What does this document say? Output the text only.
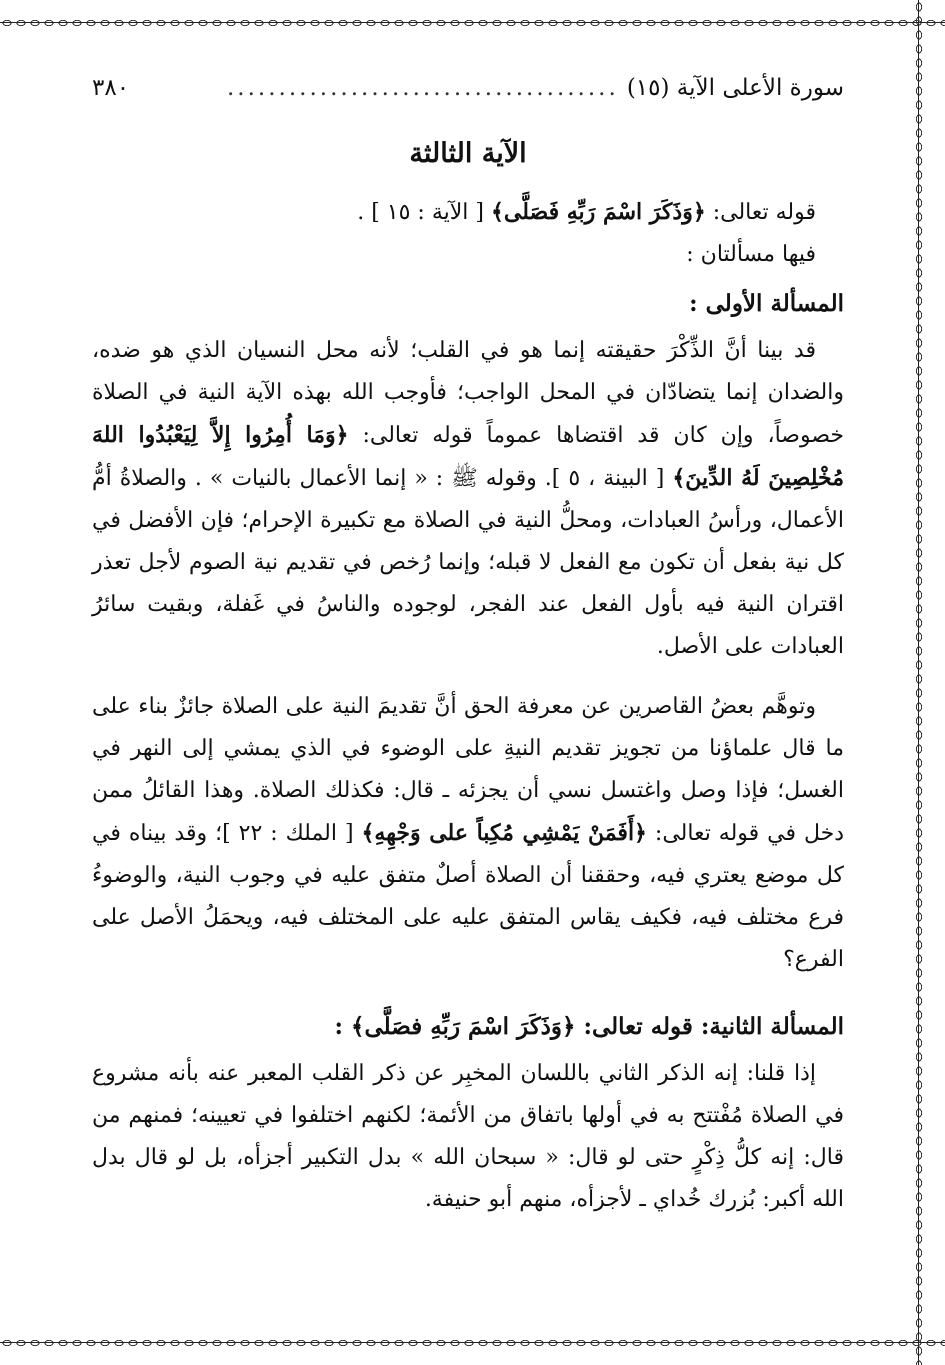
سورة الأعلى الآية (١٥)
......................................
٣٨٠
الآية الثالثة

قوله تعالى: ﴿وَذَكَرَ اسْمَ رَبِّهِ فَصَلَّى﴾ [ الآية : ١٥ ] .

فيها مسألتان :

المسألة الأولى :

قد بينا أنَّ الذِّكْرَ حقيقته إنما هو في القلب؛ لأنه محل النسيان الذي هو ضده، والضدان إنما يتضادّان في المحل الواجب؛ فأوجب الله بهذه الآية النية في الصلاة خصوصاً، وإن كان قد اقتضاها عموماً قوله تعالى: ﴿وَمَا أُمِرُوا إِلاَّ لِيَعْبُدُوا اللهَ مُخْلِصِينَ لَهُ الدِّينَ﴾ [ البينة ، ٥ ]. وقوله ﷺ : « إنما الأعمال بالنيات » . والصلاةُ أمُّ الأعمال، ورأسُ العبادات، ومحلُّ النية في الصلاة مع تكبيرة الإحرام؛ فإن الأفضل في كل نية بفعل أن تكون مع الفعل لا قبله؛ وإنما رُخص في تقديم نية الصوم لأجل تعذر اقتران النية فيه بأول الفعل عند الفجر، لوجوده والناسُ في غَفلة، وبقيت سائرُ العبادات على الأصل.

وتوهَّم بعضُ القاصرين عن معرفة الحق أنَّ تقديمَ النية على الصلاة جائزٌ بناء على ما قال علماؤنا من تجويز تقديم النيةِ على الوضوء في الذي يمشي إلى النهر في الغسل؛ فإذا وصل واغتسل نسي أن يجزئه ـ قال: فكذلك الصلاة. وهذا القائلُ ممن دخل في قوله تعالى: ﴿أَفَمَنْ يَمْشِي مُكِباً على وَجْهِهِ﴾ [ الملك : ٢٢ ]؛ وقد بيناه في كل موضع يعتري فيه، وحققنا أن الصلاة أصلٌ متفق عليه في وجوب النية، والوضوءُ فرع مختلف فيه، فكيف يقاس المتفق عليه على المختلف فيه، ويحمَلُ الأصل على الفرع؟

المسألة الثانية: قوله تعالى: ﴿وَذَكَرَ اسْمَ رَبِّهِ فصَلَّى﴾ :

إذا قلنا: إنه الذكر الثاني باللسان المخبِر عن ذكر القلب المعبر عنه بأنه مشروع في الصلاة مُفْتتح به في أولها باتفاق من الأئمة؛ لكنهم اختلفوا في تعيينه؛ فمنهم من قال: إنه كلُّ ذِكْرٍ حتى لو قال: « سبحان الله » بدل التكبير أجزأه، بل لو قال بدل الله أكبر: بُزرك خُداي ـ لأجزأه، منهم أبو حنيفة.
